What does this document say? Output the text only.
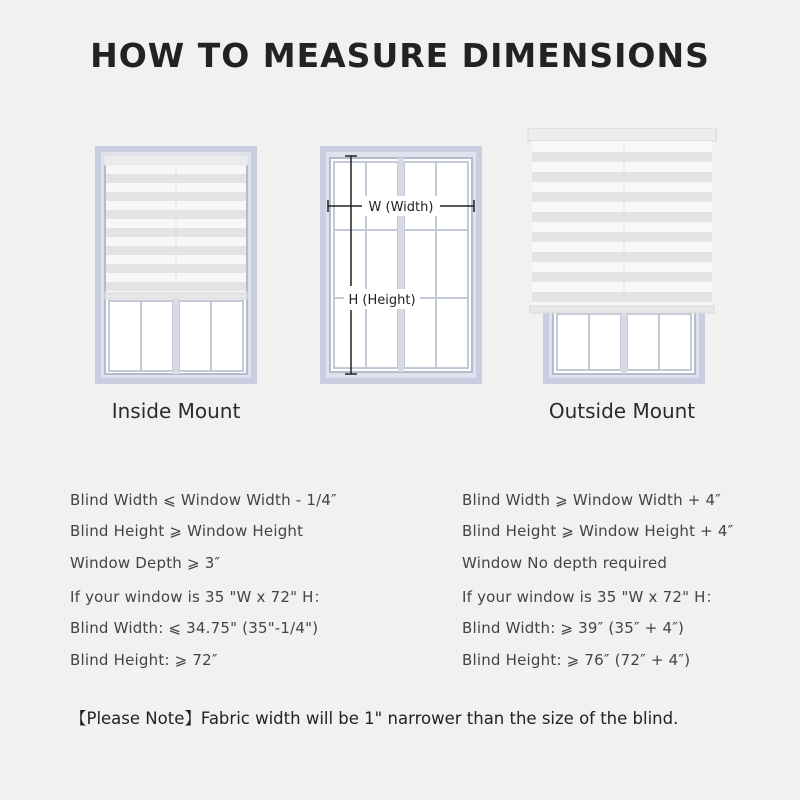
HOW TO MEASURE DIMENSIONS
W (Width)
H (Height)
Inside Mount	Outside Mount
Blind Width ⩽ Window Width - 1/4″
Blind Height ⩾ Window Height
Window Depth ⩾ 3″
If your window is 35 "W x 72" H：
Blind Width: ⩽ 34.75" (35"-1/4")
Blind Height: ⩾ 72″
Blind Width ⩾ Window Width + 4″
Blind Height ⩾ Window Height + 4″
Window No depth required
If your window is 35 "W x 72" H：
Blind Width: ⩾ 39″ (35″ + 4″)
Blind Height: ⩾ 76″ (72″ + 4″)
【Please Note】Fabric width will be 1" narrower than the size of the blind.
